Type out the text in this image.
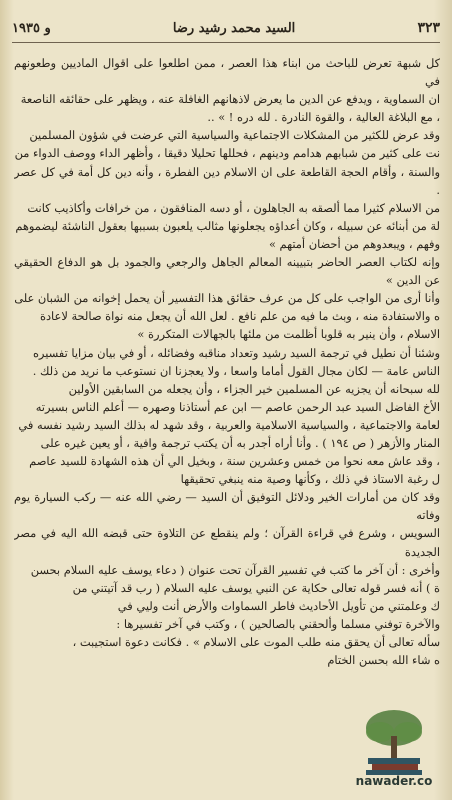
٣٢٣
السيد محمد رشيد رضا
و ١٩٣٥
كل شبهة تعرض للباحث من ابناء هذا العصر ، ممن اطلعوا على اقوال الماديين وطعونهم في
ان السماوية ، ويدفع عن الدين ما يعرض لاذهانهم الغافلة عنه ، ويظهر على حقائقه الناصعة
، مع البلاغة العالية ، والقوة النادرة . لله دره ! » ..
وقد عرض للكثير من المشكلات الاجتماعية والسياسية التي عرضت في شؤون المسلمين
نت على كثير من شبابهم هدامم ودينهم ، فحللها تحليلا دقيقا ، وأظهر الداء ووصف الدواء من
والسنة ، وأقام الحجة القاطعة على ان الاسلام دين الفطرة ، وأنه دين كل أمة في كل عصر .
من الاسلام كثيرا مما ألصقه به الجاهلون ، أو دسه المنافقون ، من خرافات وأكاذيب كانت
لة من أبنائه عن سبيله ، وكان أعداؤه يجعلونها مثالب يلعبون بسببها بعقول الناشئة ليضموهم
وفهم ، ويبعدوهم من أحضان أمتهم »
وإنه لكتاب العصر الحاضر بتبيينه المعالم الجاهل والرجعي والجمود بل هو الدفاع الحقيقي عن الدين »
وأنا أرى من الواجب على كل من عرف حقائق هذا التفسير أن يحمل إخوانه من الشبان على
ه والاستفادة منه ، وبث ما فيه من علم نافع . لعل الله أن يجعل منه نواة صالحة لاعادة
الاسلام ، وأن ينير به قلوبا أظلمت من ملئها بالجهالات المتكررة »
وشئنا أن نطيل في ترجمة السيد رشيد وتعداد مناقبه وفضائله ، أو في بيان مزايا تفسيره
الناس عامة — لكان مجال القول أماما واسعا ، ولا يعجزنا ان نستوعب ما نريد من ذلك .
لله سبحانه أن يجزيه عن المسلمين خير الجزاء ، وأن يجعله من السابقين الأولين
الأخ الفاضل السيد عبد الرحمن عاصم — ابن عم أستاذنا وصهره — أعلم الناس بسيرته
لعامة والاجتماعية ، والسياسية الاسلامية والعربية ، وقد شهد له بذلك السيد رشيد نفسه في
المنار والأزهر ( ص ١٩٤ ) . وأنا أراه أجدر به أن يكتب ترجمة وافية ، أو يعين غيره على
، وقد عاش معه نحوا من خمس وعشرين سنة ، وبخيل الي أن هذه الشهادة للسيد عاصم
ل رغبة الاستاذ في ذلك ، وكأنها وصية منه ينبغي تحقيقها
وقد كان من أمارات الخير ودلائل التوفيق أن السيد — رضي الله عنه — ركب السيارة يوم وفاته
السويس ، وشرع في قراءة القرآن ؛ ولم ينقطع عن التلاوة حتى قبضه الله اليه في مصر الجديدة
وأخرى : أن آخر ما كتب في تفسير القرآن تحت عنوان ( دعاء يوسف عليه السلام بحسن
ة ) أنه فسر قوله تعالى حكاية عن النبي يوسف عليه السلام ( رب قد آتيتني من
ك وعلمتني من تأويل الأحاديث فاطر السماوات والأرض أنت وليي في
والآخرة توفني مسلما وألحقني بالصالحين ) ، وكتب في آخر تفسيرها :
سأله تعالى أن يحقق منه طلب الموت على الاسلام » . فكانت دعوة استجيبت ،
ه شاء الله بحسن الختام
nawader.co
